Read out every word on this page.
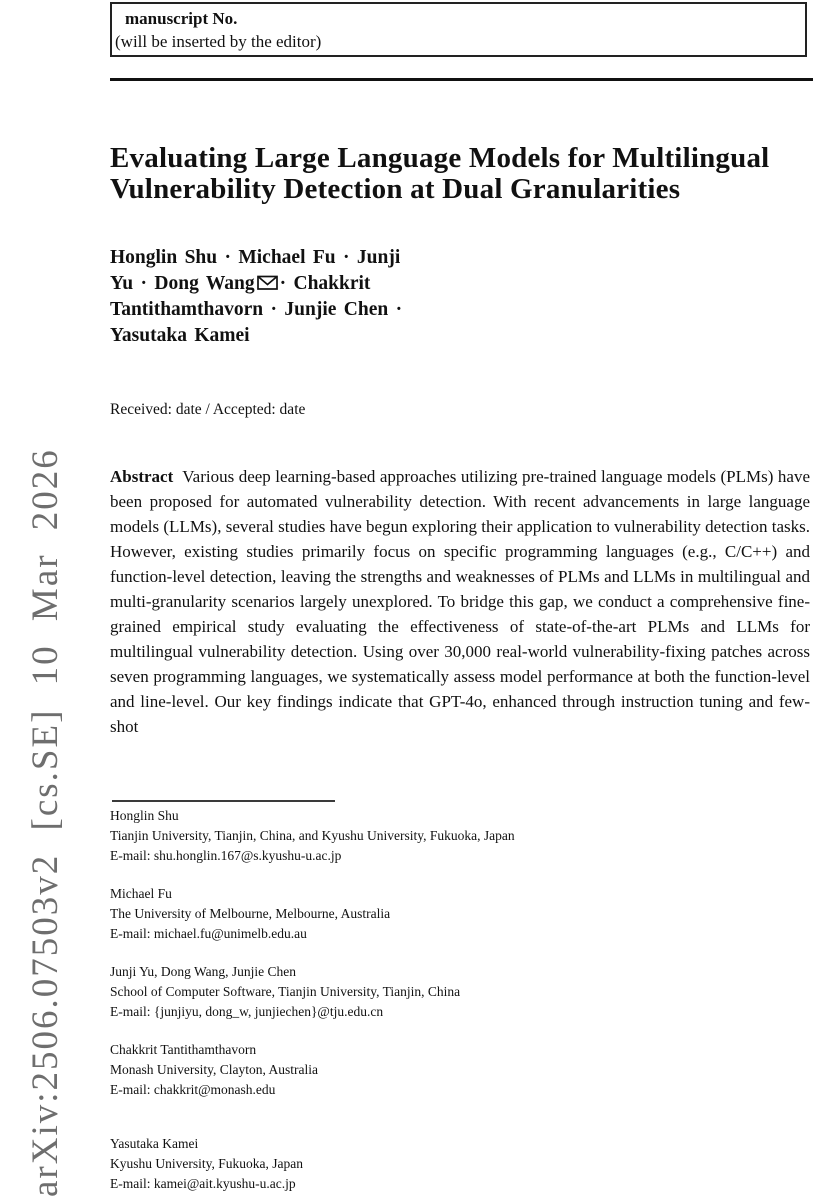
arXiv:2506.07503v2 [cs.SE] 10 Mar 2026
manuscript No.
(will be inserted by the editor)
Evaluating Large Language Models for Multilingual
Vulnerability Detection at Dual Granularities
Honglin Shu · Michael Fu · Junji
Yu · Dong Wang · Chakkrit
Tantithamthavorn · Junjie Chen ·
Yasutaka Kamei
Received: date / Accepted: date
Abstract Various deep learning-based approaches utilizing pre-trained language models (PLMs) have been proposed for automated vulnerability detection. With recent advancements in large language models (LLMs), several studies have begun exploring their application to vulnerability detection tasks. However, existing studies primarily focus on specific programming languages (e.g., C/C++) and function-level detection, leaving the strengths and weaknesses of PLMs and LLMs in multilingual and multi-granularity scenarios largely unexplored. To bridge this gap, we conduct a comprehensive fine-grained empirical study evaluating the effectiveness of state-of-the-art PLMs and LLMs for multilingual vulnerability detection. Using over 30,000 real-world vulnerability-fixing patches across seven programming languages, we systematically assess model performance at both the function-level and line-level. Our key findings indicate that GPT-4o, enhanced through instruction tuning and few-shot
Honglin Shu
Tianjin University, Tianjin, China, and Kyushu University, Fukuoka, Japan
E-mail: shu.honglin.167@s.kyushu-u.ac.jp
Michael Fu
The University of Melbourne, Melbourne, Australia
E-mail: michael.fu@unimelb.edu.au
Junji Yu, Dong Wang, Junjie Chen
School of Computer Software, Tianjin University, Tianjin, China
E-mail: {junjiyu, dong_w, junjiechen}@tju.edu.cn
Chakkrit Tantithamthavorn
Monash University, Clayton, Australia
E-mail: chakkrit@monash.edu
Yasutaka Kamei
Kyushu University, Fukuoka, Japan
E-mail: kamei@ait.kyushu-u.ac.jp
